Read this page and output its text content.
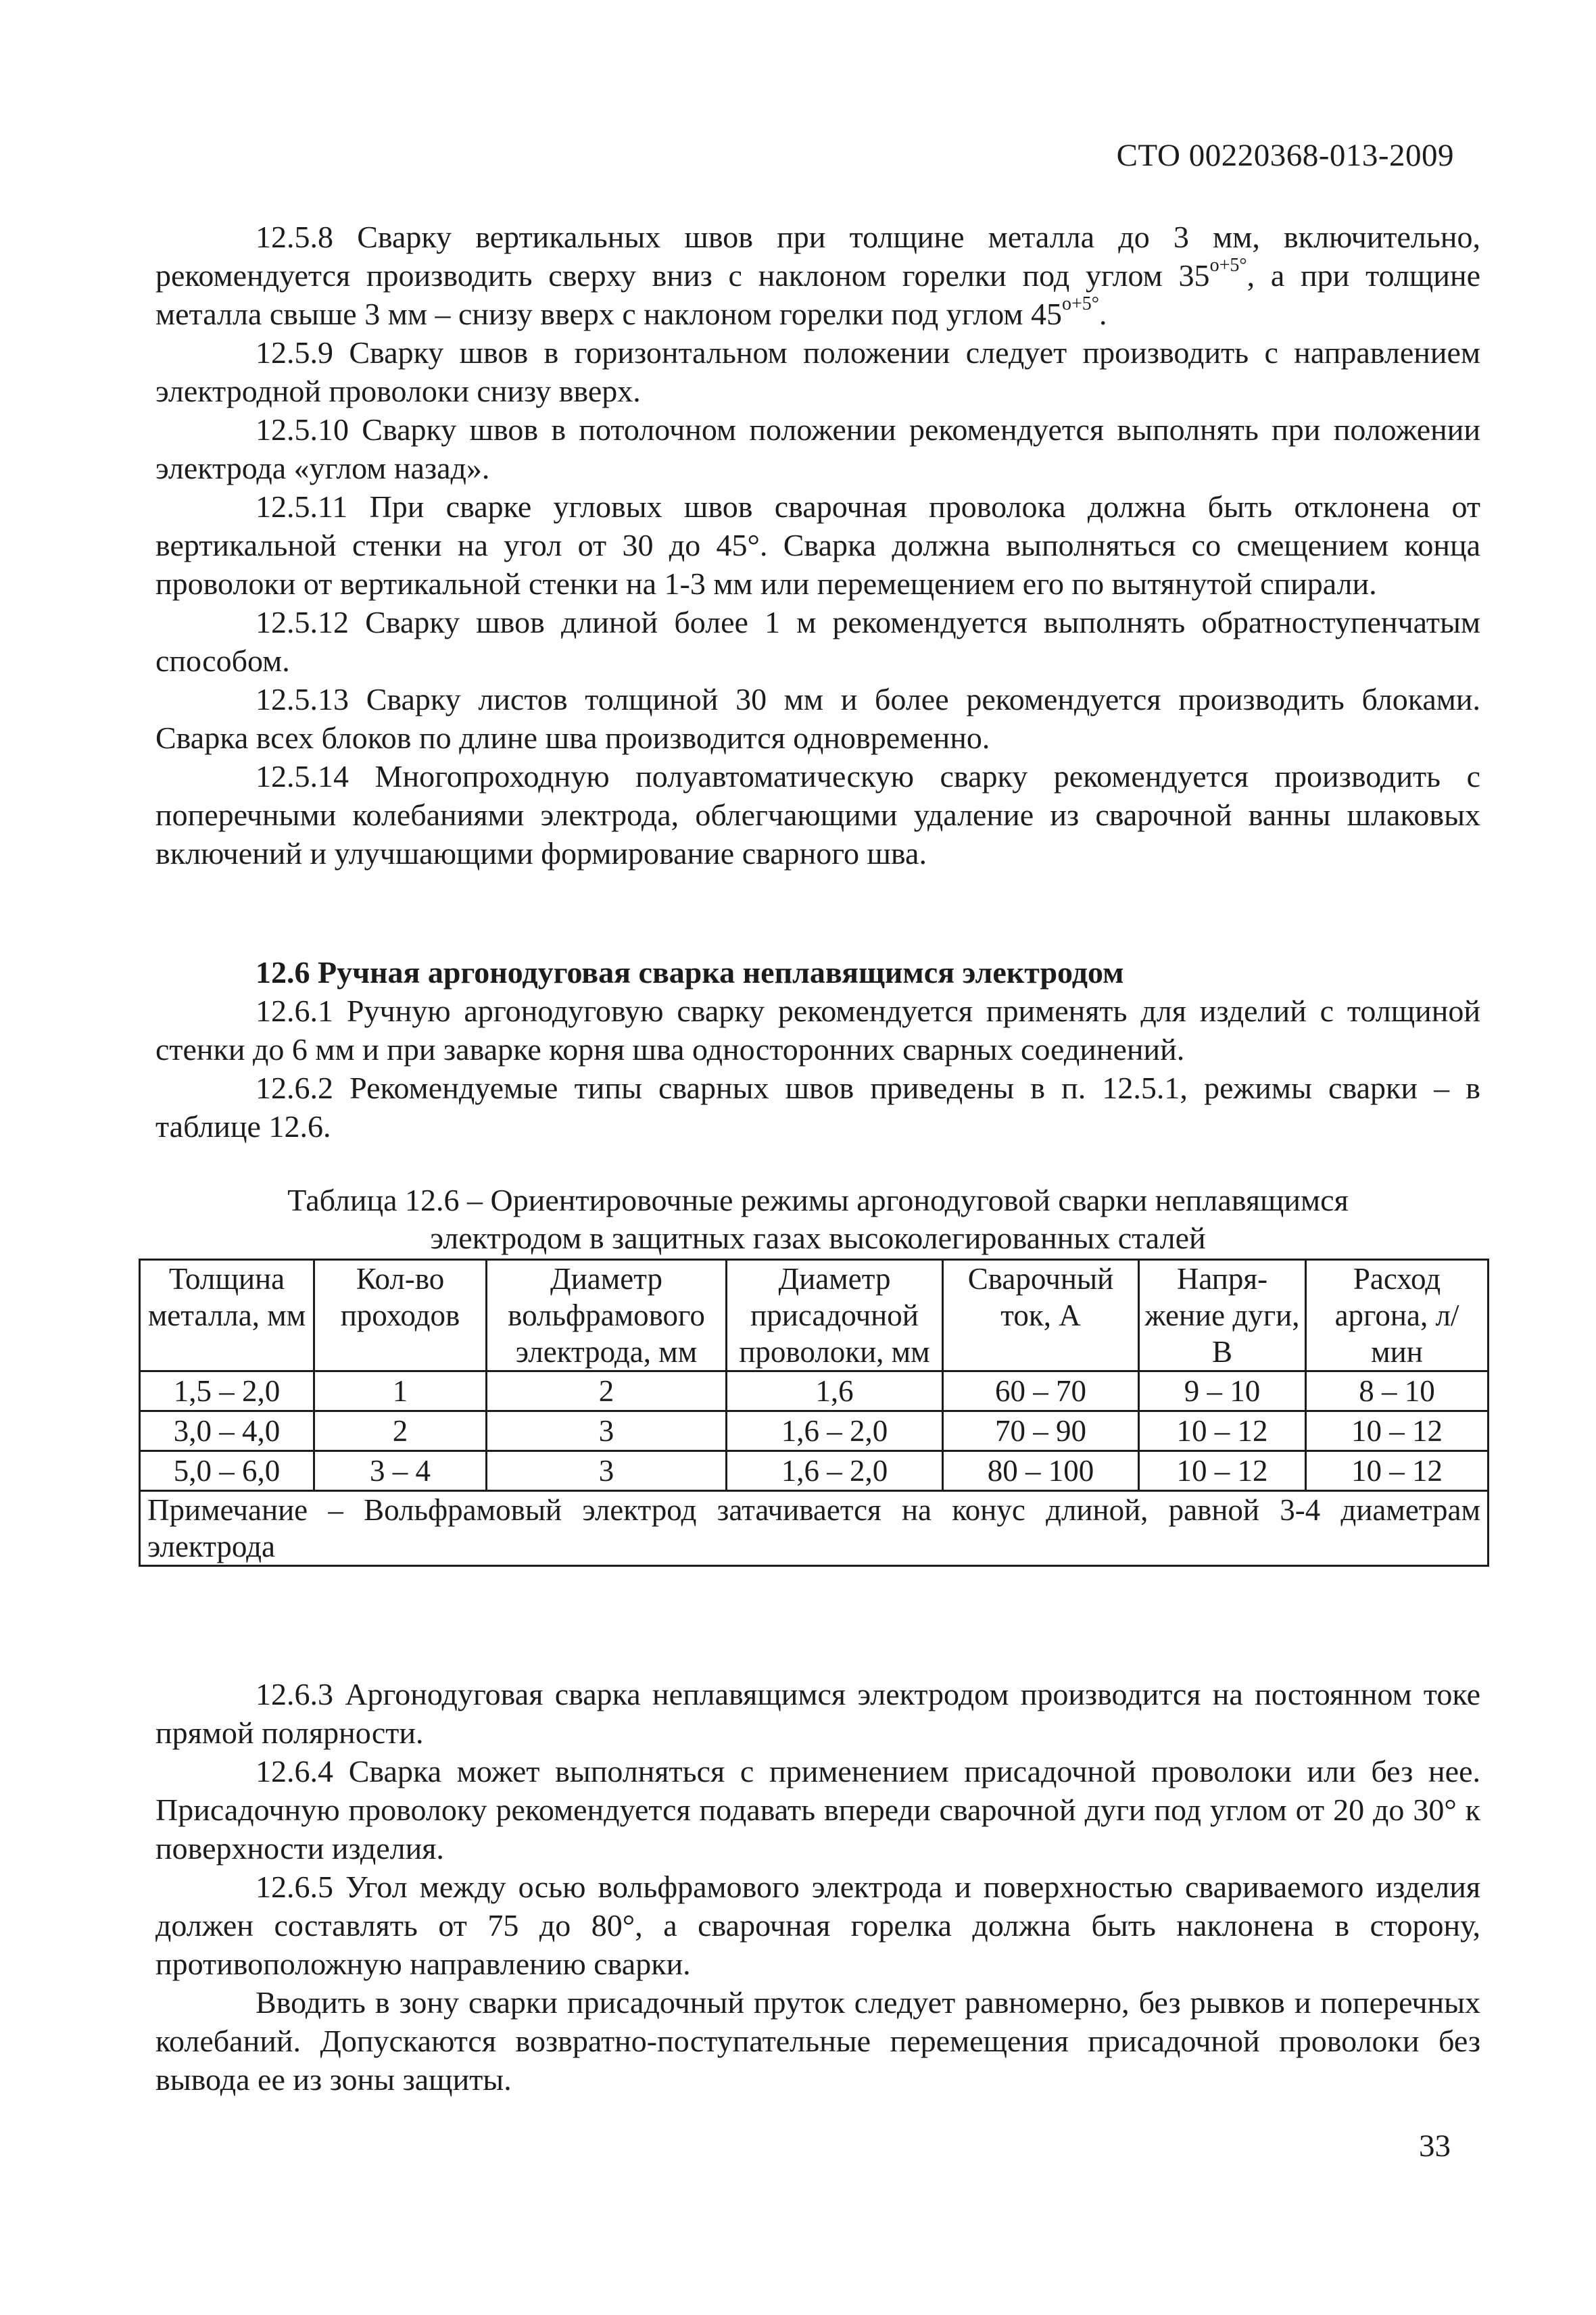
СТО 00220368-013-2009

12.5.8 Сварку вертикальных швов при толщине металла до 3 мм, включительно, рекомендуется производить сверху вниз с наклоном горелки под углом $35^{o+5^\circ}$, а при толщине металла свыше 3 мм – снизу вверх с наклоном горелки под углом $45^{o+5^\circ}$.

12.5.9 Сварку швов в горизонтальном положении следует производить с направлением электродной проволоки снизу вверх.

12.5.10 Сварку швов в потолочном положении рекомендуется выполнять при положении электрода «углом назад».

12.5.11 При сварке угловых швов сварочная проволока должна быть отклонена от вертикальной стенки на угол от 30 до 45°. Сварка должна выполняться со смещением конца проволоки от вертикальной стенки на 1-3 мм или перемещением его по вытянутой спирали.

12.5.12 Сварку швов длиной более 1 м рекомендуется выполнять обратноступенчатым способом.

12.5.13 Сварку листов толщиной 30 мм и более рекомендуется производить блоками. Сварка всех блоков по длине шва производится одновременно.

12.5.14 Многопроходную полуавтоматическую сварку рекомендуется производить с поперечными колебаниями электрода, облегчающими удаление из сварочной ванны шлаковых включений и улучшающими формирование сварного шва.

12.6 Ручная аргонодуговая сварка неплавящимся электродом

12.6.1 Ручную аргонодуговую сварку рекомендуется применять для изделий с толщиной стенки до 6 мм и при заварке корня шва односторонних сварных соединений.

12.6.2 Рекомендуемые типы сварных швов приведены в п. 12.5.1, режимы сварки – в таблице 12.6.

Таблица 12.6 – Ориентировочные режимы аргонодуговой сварки неплавящимся
электродом в защитных газах высоколегированных сталей
Толщина металла, мм	Кол-во проходов	Диаметр вольфрамового электрода, мм	Диаметр присадочной проволоки, мм	Сварочный ток, А	Напря-жение дуги, В	Расход аргона, л/мин
1,5 – 2,0	1	2	1,6	60 – 70	9 – 10	8 – 10
3,0 – 4,0	2	3	1,6 – 2,0	70 – 90	10 – 12	10 – 12
5,0 – 6,0	3 – 4	3	1,6 – 2,0	80 – 100	10 – 12	10 – 12
Примечание – Вольфрамовый электрод затачивается на конус длиной, равной 3-4 диаметрам электрода						

12.6.3 Аргонодуговая сварка неплавящимся электродом производится на постоянном токе прямой полярности.

12.6.4 Сварка может выполняться с применением присадочной проволоки или без нее. Присадочную проволоку рекомендуется подавать впереди сварочной дуги под углом от 20 до 30° к поверхности изделия.

12.6.5 Угол между осью вольфрамового электрода и поверхностью свариваемого изделия должен составлять от 75 до 80°, а сварочная горелка должна быть наклонена в сторону, противоположную направлению сварки.

Вводить в зону сварки присадочный пруток следует равномерно, без рывков и поперечных колебаний. Допускаются возвратно-поступательные перемещения присадочной проволоки без вывода ее из зоны защиты.

33
